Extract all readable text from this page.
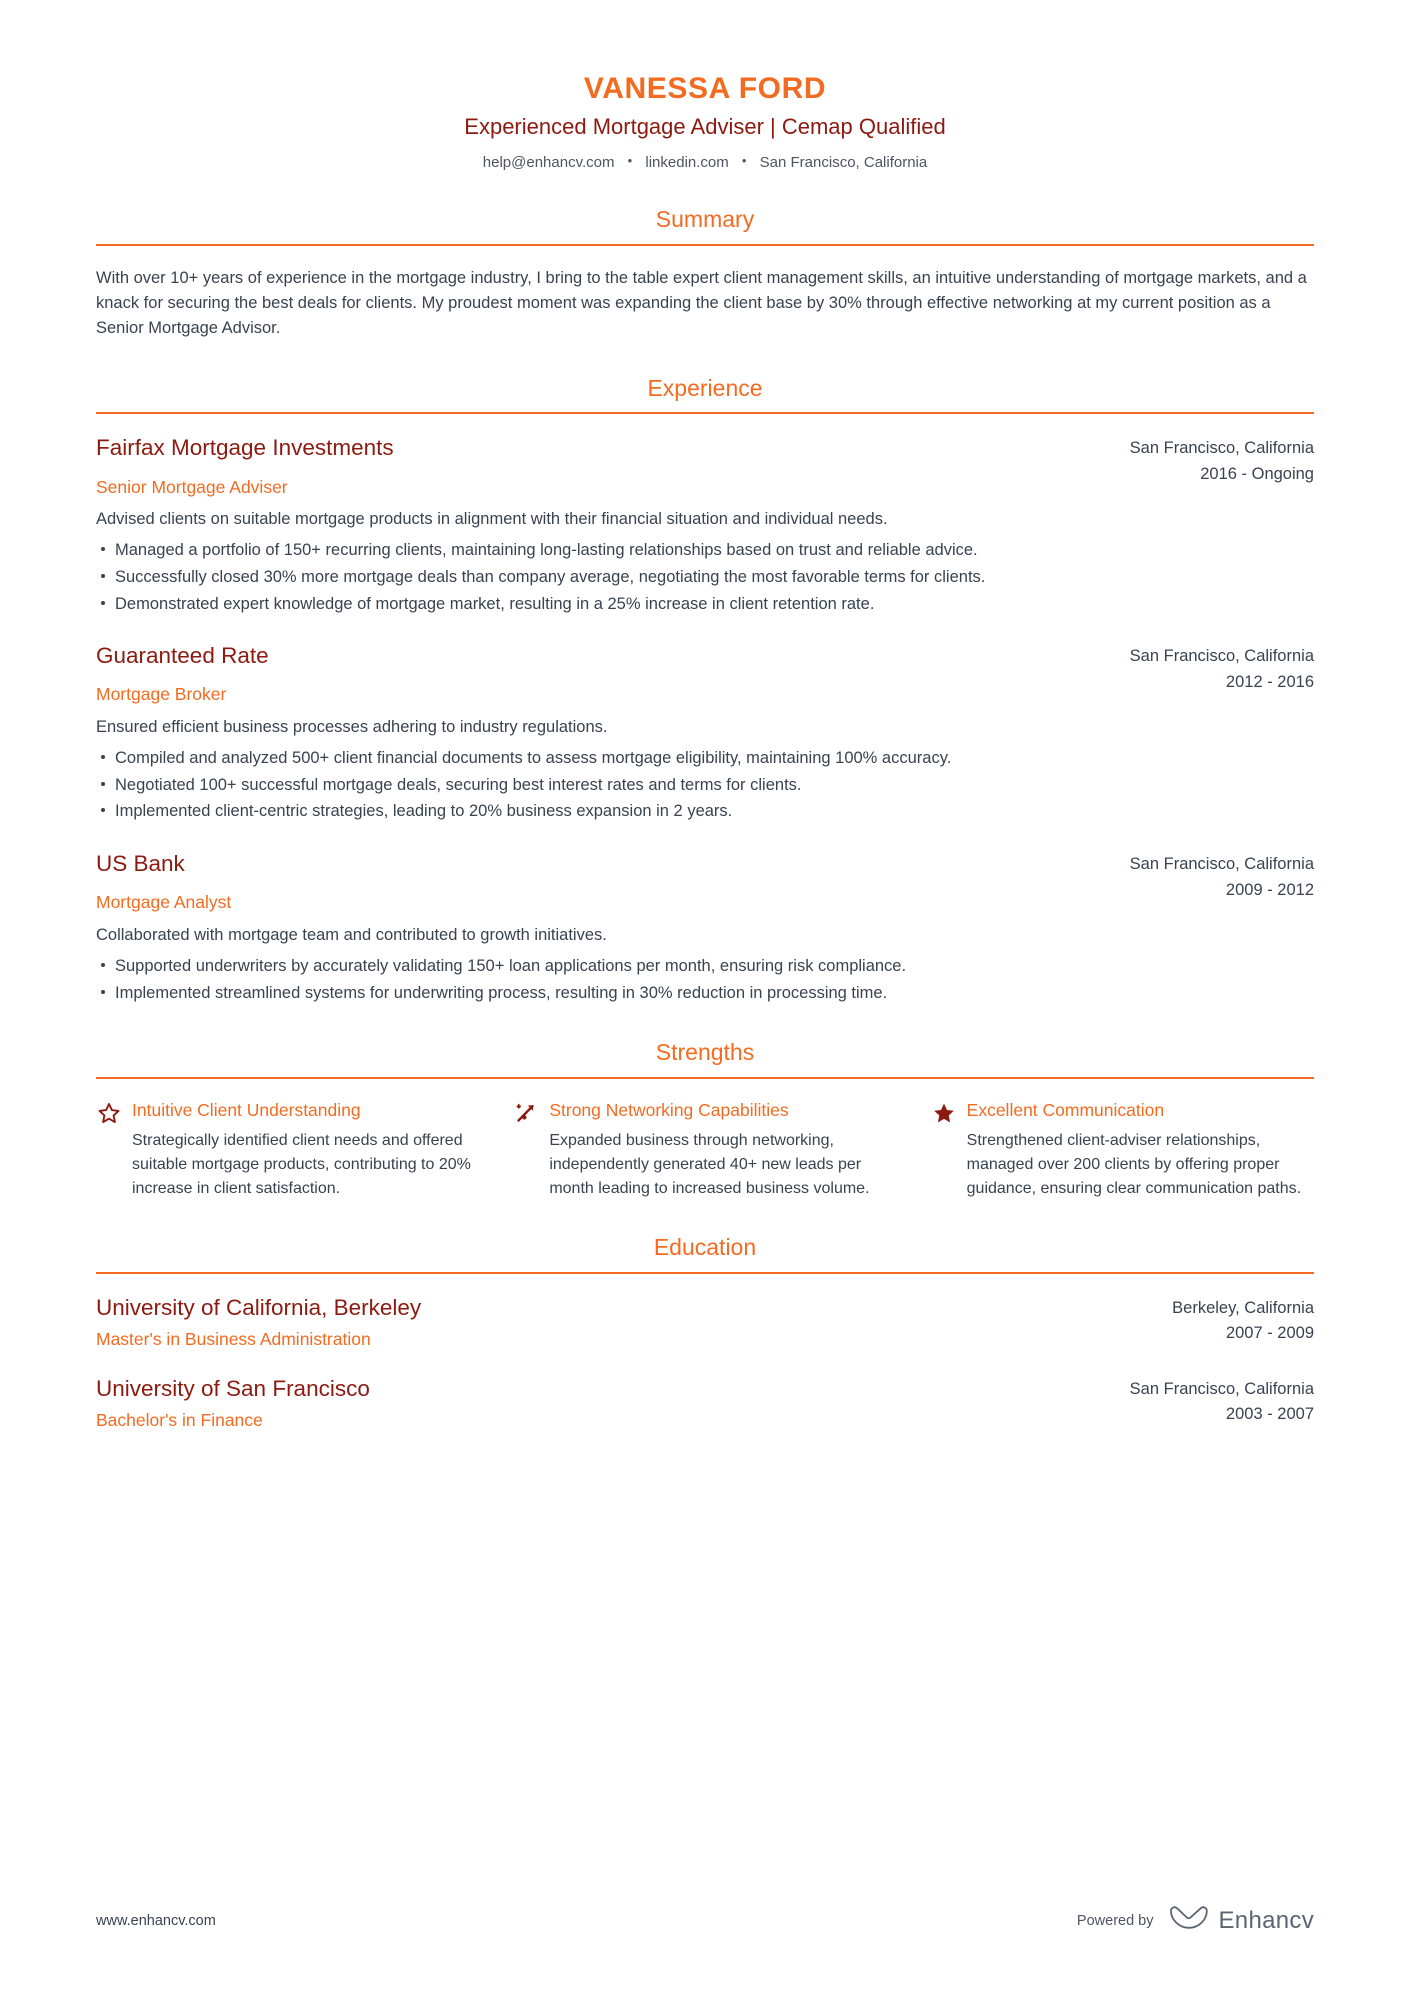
VANESSA FORD
Experienced Mortgage Adviser | Cemap Qualified
help@enhancv.com • linkedin.com • San Francisco, California
Summary

With over 10+ years of experience in the mortgage industry, I bring to the table expert client management skills, an intuitive understanding of mortgage markets, and a knack for securing the best deals for clients. My proudest moment was expanding the client base by 30% through effective networking at my current position as a Senior Mortgage Advisor.

Experience
Fairfax Mortgage Investments
Senior Mortgage Adviser
San Francisco, California
2016 - Ongoing

Advised clients on suitable mortgage products in alignment with their financial situation and individual needs.

Managed a portfolio of 150+ recurring clients, maintaining long-lasting relationships based on trust and reliable advice.
Successfully closed 30% more mortgage deals than company average, negotiating the most favorable terms for clients.
Demonstrated expert knowledge of mortgage market, resulting in a 25% increase in client retention rate.
Guaranteed Rate
Mortgage Broker
San Francisco, California
2012 - 2016

Ensured efficient business processes adhering to industry regulations.

Compiled and analyzed 500+ client financial documents to assess mortgage eligibility, maintaining 100% accuracy.
Negotiated 100+ successful mortgage deals, securing best interest rates and terms for clients.
Implemented client-centric strategies, leading to 20% business expansion in 2 years.
US Bank
Mortgage Analyst
San Francisco, California
2009 - 2012

Collaborated with mortgage team and contributed to growth initiatives.

Supported underwriters by accurately validating 150+ loan applications per month, ensuring risk compliance.
Implemented streamlined systems for underwriting process, resulting in 30% reduction in processing time.
Strengths
Intuitive Client Understanding

Strategically identified client needs and offered suitable mortgage products, contributing to 20% increase in client satisfaction.

Strong Networking Capabilities

Expanded business through networking, independently generated 40+ new leads per month leading to increased business volume.

Excellent Communication

Strengthened client-adviser relationships, managed over 200 clients by offering proper guidance, ensuring clear communication paths.

Education
University of California, Berkeley
Master's in Business Administration
Berkeley, California
2007 - 2009
University of San Francisco
Bachelor's in Finance
San Francisco, California
2003 - 2007
www.enhancv.com	Powered by	Enhancv
